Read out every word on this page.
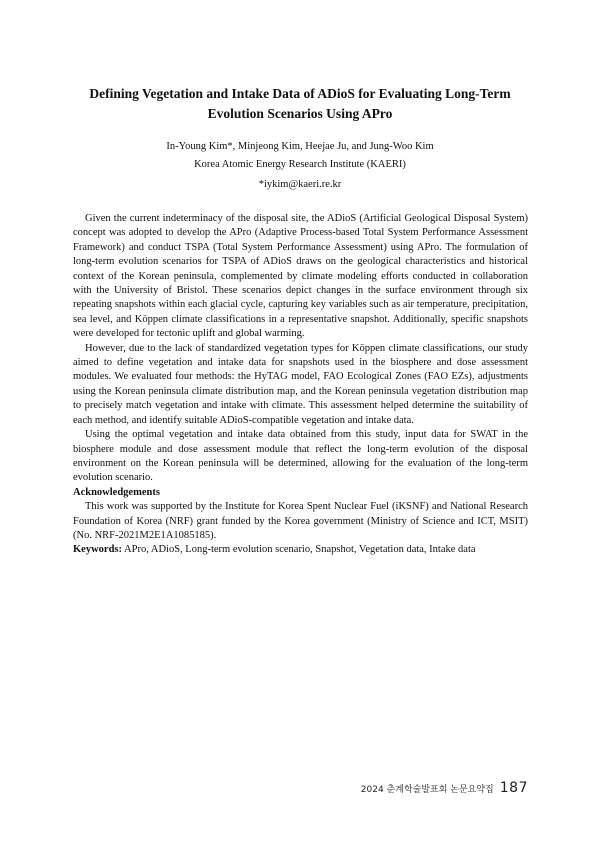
Defining Vegetation and Intake Data of ADioS for Evaluating Long-Term
Evolution Scenarios Using APro
In-Young Kim*, Minjeong Kim, Heejae Ju, and Jung-Woo Kim
Korea Atomic Energy Research Institute (KAERI)
*iykim@kaeri.re.kr

Given the current indeterminacy of the disposal site, the ADioS (Artificial Geological Disposal System) concept was adopted to develop the APro (Adaptive Process-based Total System Performance Assessment Framework) and conduct TSPA (Total System Performance Assessment) using APro. The formulation of long-term evolution scenarios for TSPA of ADioS draws on the geological characteristics and historical context of the Korean peninsula, complemented by climate modeling efforts conducted in collaboration with the University of Bristol. These scenarios depict changes in the surface environment through six repeating snapshots within each glacial cycle, capturing key variables such as air temperature, precipitation, sea level, and Köppen climate classifications in a representative snapshot. Additionally, specific snapshots were developed for tectonic uplift and global warming.

However, due to the lack of standardized vegetation types for Köppen climate classifications, our study aimed to define vegetation and intake data for snapshots used in the biosphere and dose assessment modules. We evaluated four methods: the HyTAG model, FAO Ecological Zones (FAO EZs), adjustments using the Korean peninsula climate distribution map, and the Korean peninsula vegetation distribution map to precisely match vegetation and intake with climate. This assessment helped determine the suitability of each method, and identify suitable ADioS-compatible vegetation and intake data.

Using the optimal vegetation and intake data obtained from this study, input data for SWAT in the biosphere module and dose assessment module that reflect the long-term evolution of the disposal environment on the Korean peninsula will be determined, allowing for the evaluation of the long-term evolution scenario.

Acknowledgements

This work was supported by the Institute for Korea Spent Nuclear Fuel (iKSNF) and National Research Foundation of Korea (NRF) grant funded by the Korea government (Ministry of Science and ICT, MSIT) (No. NRF-2021M2E1A1085185).

Keywords: APro, ADioS, Long-term evolution scenario, Snapshot, Vegetation data, Intake data

2024 춘계학술발표회 논문요약집 187
